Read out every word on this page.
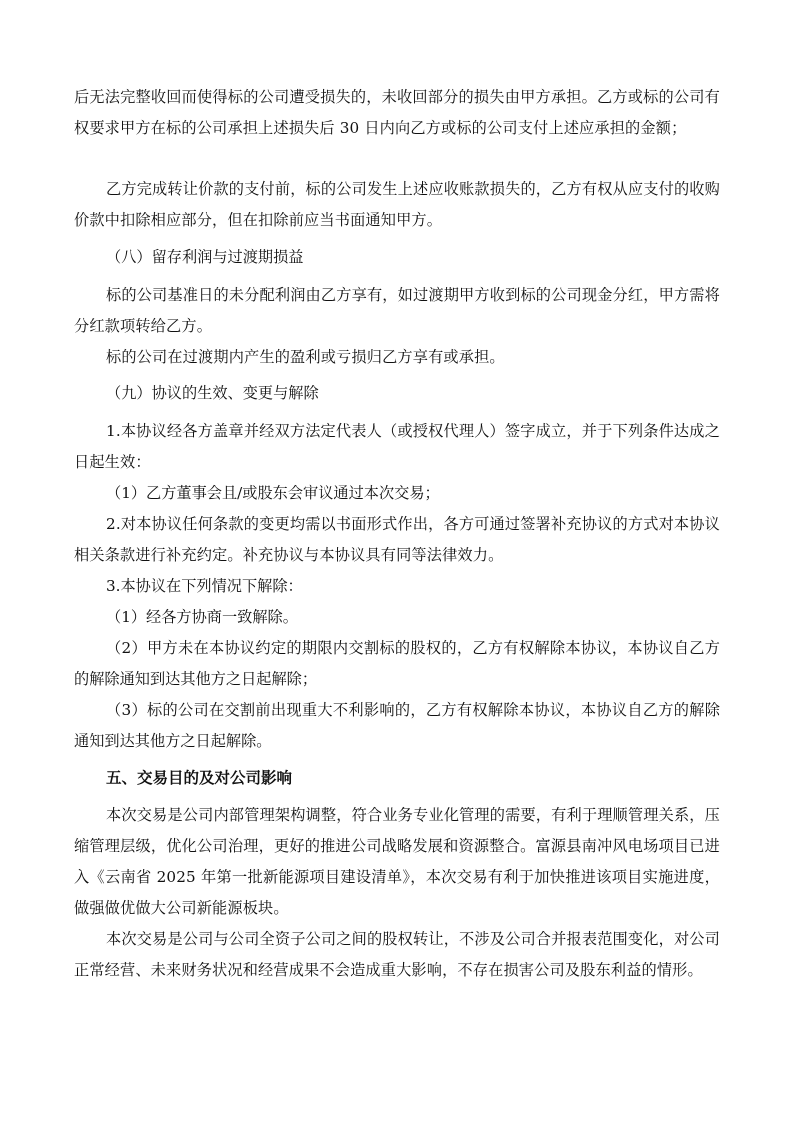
后无法完整收回而使得标的公司遭受损失的，未收回部分的损失由甲方承担。乙方或标的公司有权要求甲方在标的公司承担上述损失后 30 日内向乙方或标的公司支付上述应承担的金额；

乙方完成转让价款的支付前，标的公司发生上述应收账款损失的，乙方有权从应支付的收购价款中扣除相应部分，但在扣除前应当书面通知甲方。

（八）留存利润与过渡期损益

标的公司基准日的未分配利润由乙方享有，如过渡期甲方收到标的公司现金分红，甲方需将分红款项转给乙方。

标的公司在过渡期内产生的盈利或亏损归乙方享有或承担。

（九）协议的生效、变更与解除

1.本协议经各方盖章并经双方法定代表人（或授权代理人）签字成立，并于下列条件达成之日起生效：

（1）乙方董事会且/或股东会审议通过本次交易；

2.对本协议任何条款的变更均需以书面形式作出，各方可通过签署补充协议的方式对本协议相关条款进行补充约定。补充协议与本协议具有同等法律效力。

3.本协议在下列情况下解除：

（1）经各方协商一致解除。

（2）甲方未在本协议约定的期限内交割标的股权的，乙方有权解除本协议，本协议自乙方的解除通知到达其他方之日起解除；

（3）标的公司在交割前出现重大不利影响的，乙方有权解除本协议，本协议自乙方的解除通知到达其他方之日起解除。

五、交易目的及对公司影响

本次交易是公司内部管理架构调整，符合业务专业化管理的需要，有利于理顺管理关系，压缩管理层级，优化公司治理，更好的推进公司战略发展和资源整合。富源县南冲风电场项目已进入《云南省 2025 年第一批新能源项目建设清单》，本次交易有利于加快推进该项目实施进度，做强做优做大公司新能源板块。

本次交易是公司与公司全资子公司之间的股权转让，不涉及公司合并报表范围变化，对公司正常经营、未来财务状况和经营成果不会造成重大影响，不存在损害公司及股东利益的情形。
